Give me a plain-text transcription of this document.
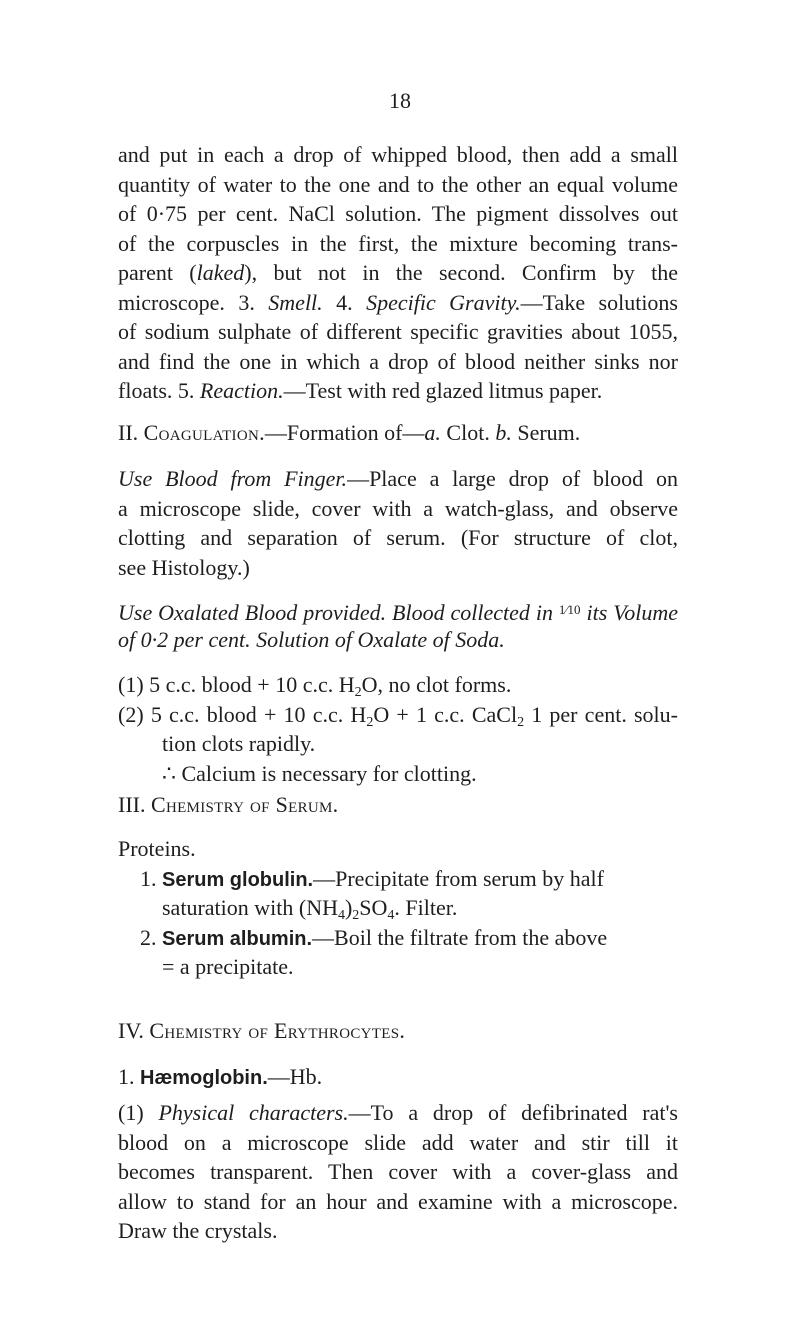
18
and put in each a drop of whipped blood, then add a small
quantity of water to the one and to the other an equal volume
of 0·75 per cent. NaCl solution. The pigment dissolves out
of the corpuscles in the first, the mixture becoming trans-
parent (laked), but not in the second. Confirm by the
microscope. 3. Smell. 4. Specific Gravity.—Take solutions
of sodium sulphate of different specific gravities about 1055,
and find the one in which a drop of blood neither sinks nor
floats. 5. Reaction.—Test with red glazed litmus paper.
II. Coagulation.—Formation of—a. Clot. b. Serum.
Use Blood from Finger.—Place a large drop of blood on
a microscope slide, cover with a watch-glass, and observe
clotting and separation of serum. (For structure of clot,
see Histology.)
Use Oxalated Blood provided. Blood collected in $^{1⁄10}$ its Volume
of 0·2 per cent. Solution of Oxalate of Soda.
(1) 5 c.c. blood + 10 c.c. $H_2O$, no clot forms.
(2) 5 c.c. blood + 10 c.c. $H_2O + 1$ c.c. CaCl$_2$ 1 per cent. solu-
tion clots rapidly.
∴ Calcium is necessary for clotting.
III. Chemistry of Serum.
Proteins.
1. Serum globulin.—Precipitate from serum by half
saturation with $(NH_4)_2SO_4$. Filter.
2. Serum albumin.—Boil the filtrate from the above
= a precipitate.
IV. Chemistry of Erythrocytes.
1. Hæmoglobin.—Hb.
(1) Physical characters.—To a drop of defibrinated rat's
blood on a microscope slide add water and stir till it
becomes transparent. Then cover with a cover-glass and
allow to stand for an hour and examine with a microscope.
Draw the crystals.
